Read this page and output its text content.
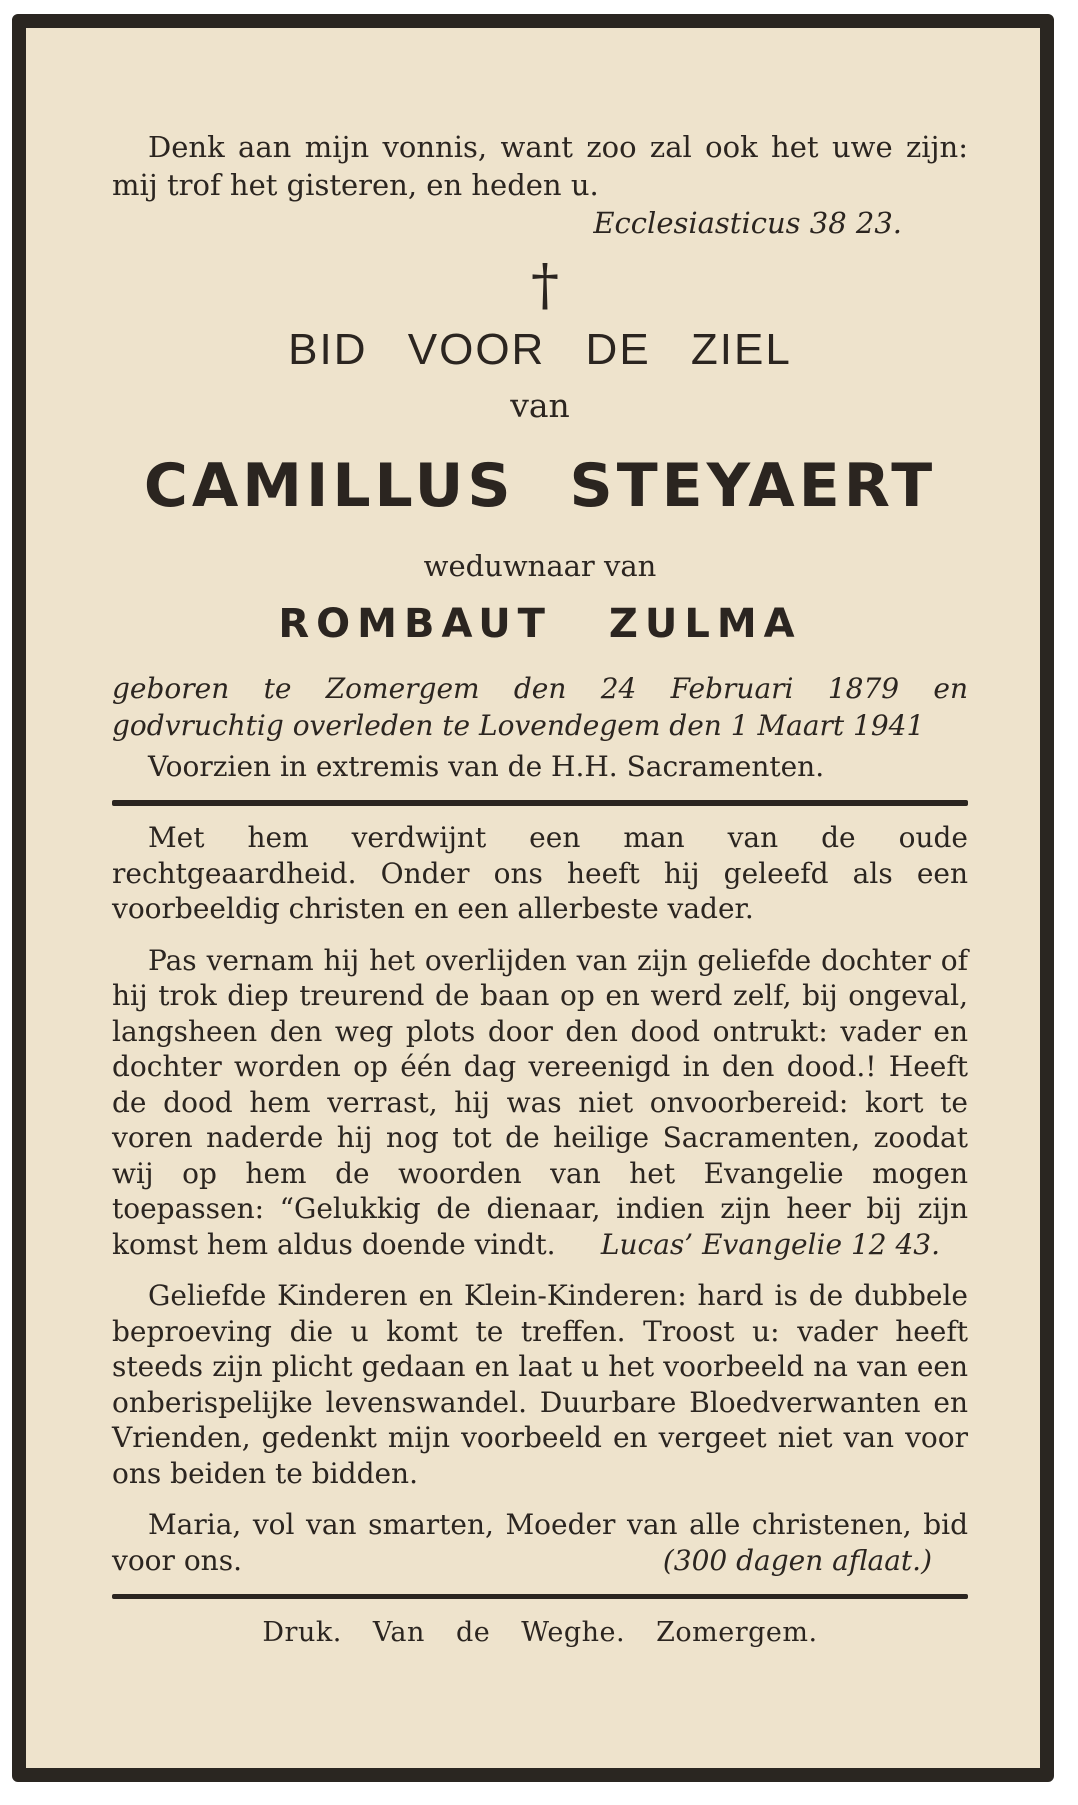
Denk aan mijn vonnis, want zoo zal ook het uwe zijn: mij trof het gisteren, en heden u.

Ecclesiasticus 38 23.
†
BID VOOR DE ZIEL
van
CAMILLUS STEYAERT
weduwnaar van
ROMBAUT ZULMA
geboren te Zomergem den 24 Februari 1879 en godvruchtig overleden te Lovendegem den 1 Maart 1941
Voorzien in extremis van de H.H. Sacramenten.

Met hem verdwijnt een man van de oude rechtgeaardheid. Onder ons heeft hij geleefd als een voorbeeldig christen en een allerbeste vader.

Pas vernam hij het overlijden van zijn geliefde dochter of hij trok diep treurend de baan op en werd zelf, bij ongeval, langsheen den weg plots door den dood ontrukt: vader en dochter worden op één dag vereenigd in den dood.! Heeft de dood hem verrast, hij was niet onvoorbereid: kort te voren naderde hij nog tot de heilige Sacramenten, zoodat wij op hem de woorden van het Evangelie mogen toepassen: “Gelukkig de dienaar, indien zijn heer bij zijn komst hem aldus doende vindt.	Lucas’ Evangelie 12 43.

Geliefde Kinderen en Klein-Kinderen: hard is de dubbele beproeving die u komt te treffen. Troost u: vader heeft steeds zijn plicht gedaan en laat u het voorbeeld na van een onberispelijke levenswandel. Duurbare Bloedverwanten en Vrienden, gedenkt mijn voorbeeld en vergeet niet van voor ons beiden te bidden.

Maria, vol van smarten, Moeder van alle christenen, bid voor ons.	(300 dagen aflaat.)

Druk. Van de Weghe. Zomergem.
